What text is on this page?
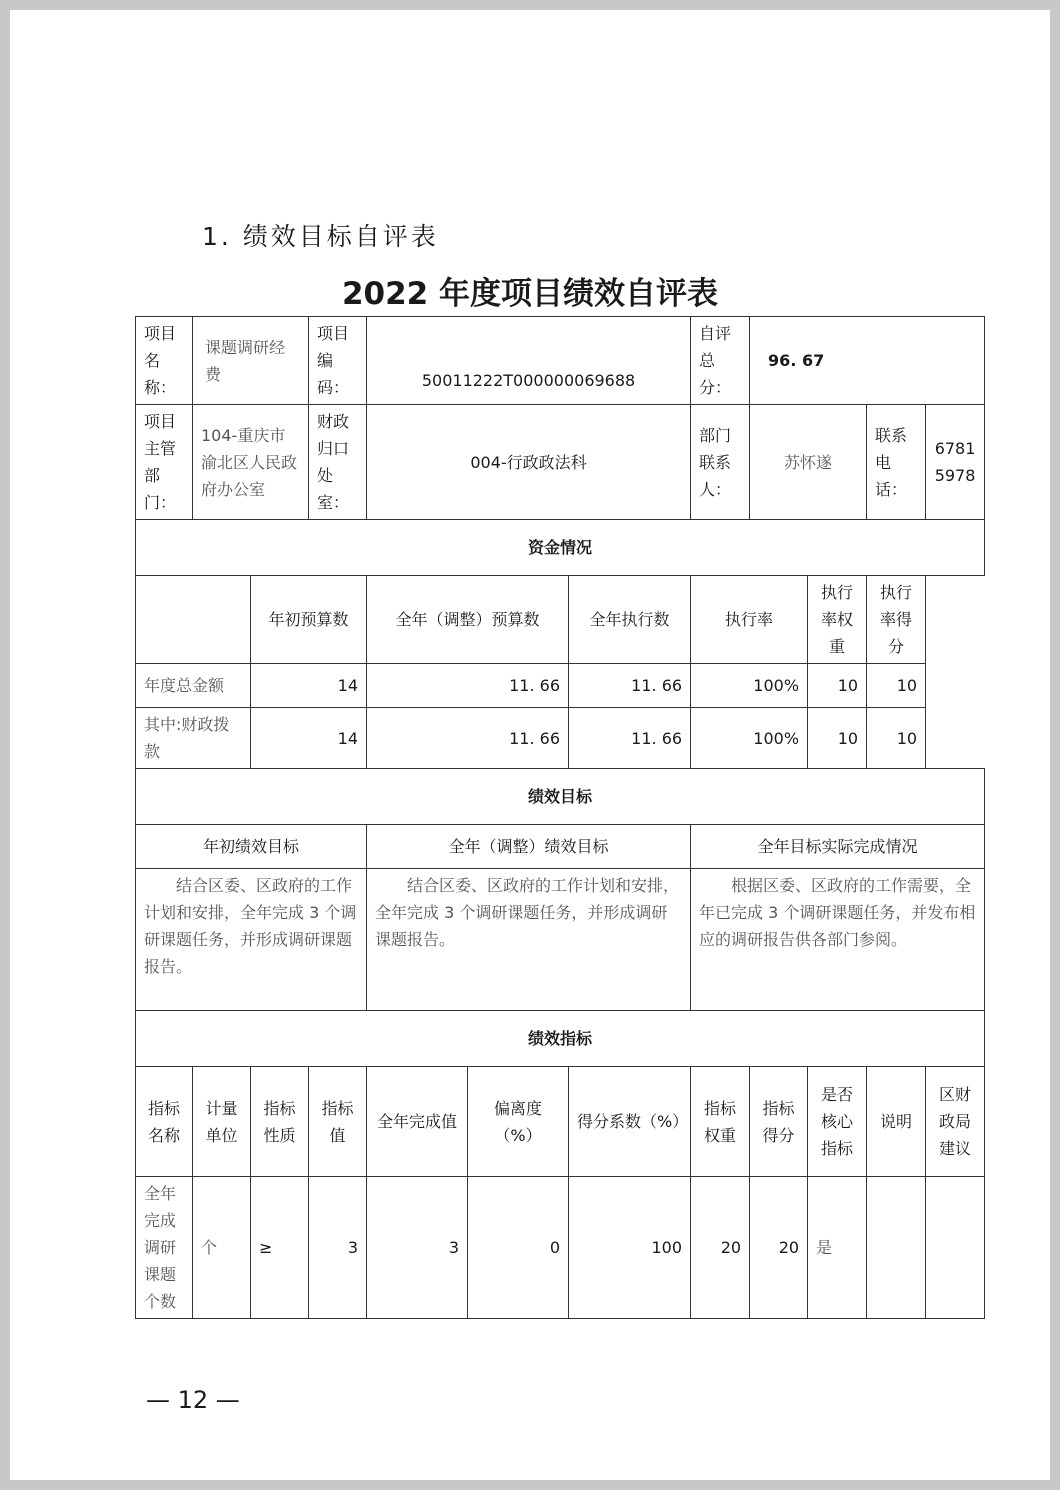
1. 绩效目标自评表
2022 年度项目绩效自评表
项目名称：	课题调研经费		项目编码：	50011222T000000069688			自评总分：	96. 67			
项目主管部门：	104-重庆市渝北区人民政府办公室		财政归口处室：	004-行政政法科			部门联系人：	苏怀遂		联系电话：	67815978
资金情况											
		年初预算数		全年（调整）预算数		全年执行数	执行率		执行率权重	执行率得分
年度总金额		14		11. 66		11. 66	100%		10	10	
其中:财政拨款		14		11. 66		11. 66	100%		10	10	
绩效目标											
年初绩效目标				全年（调整）绩效目标			全年目标实际完成情况				
结合区委、区政府的工作计划和安排，全年完成 3 个调研课题任务，并形成调研课题报告。				结合区委、区政府的工作计划和安排，全年完成 3 个调研课题任务，并形成调研课题报告。			根据区委、区政府的工作需要，全年已完成 3 个调研课题任务，并发布相应的调研报告供各部门参阅。				
绩效指标											
指标名称	计量单位	指标性质	指标值	全年完成值	偏离度（%）	得分系数（%）	指标权重	指标得分	是否核心指标	说明	区财政局建议
全年完成调研课题个数	个	≥	3	3	0	100	20	20	是		
— 12 —
